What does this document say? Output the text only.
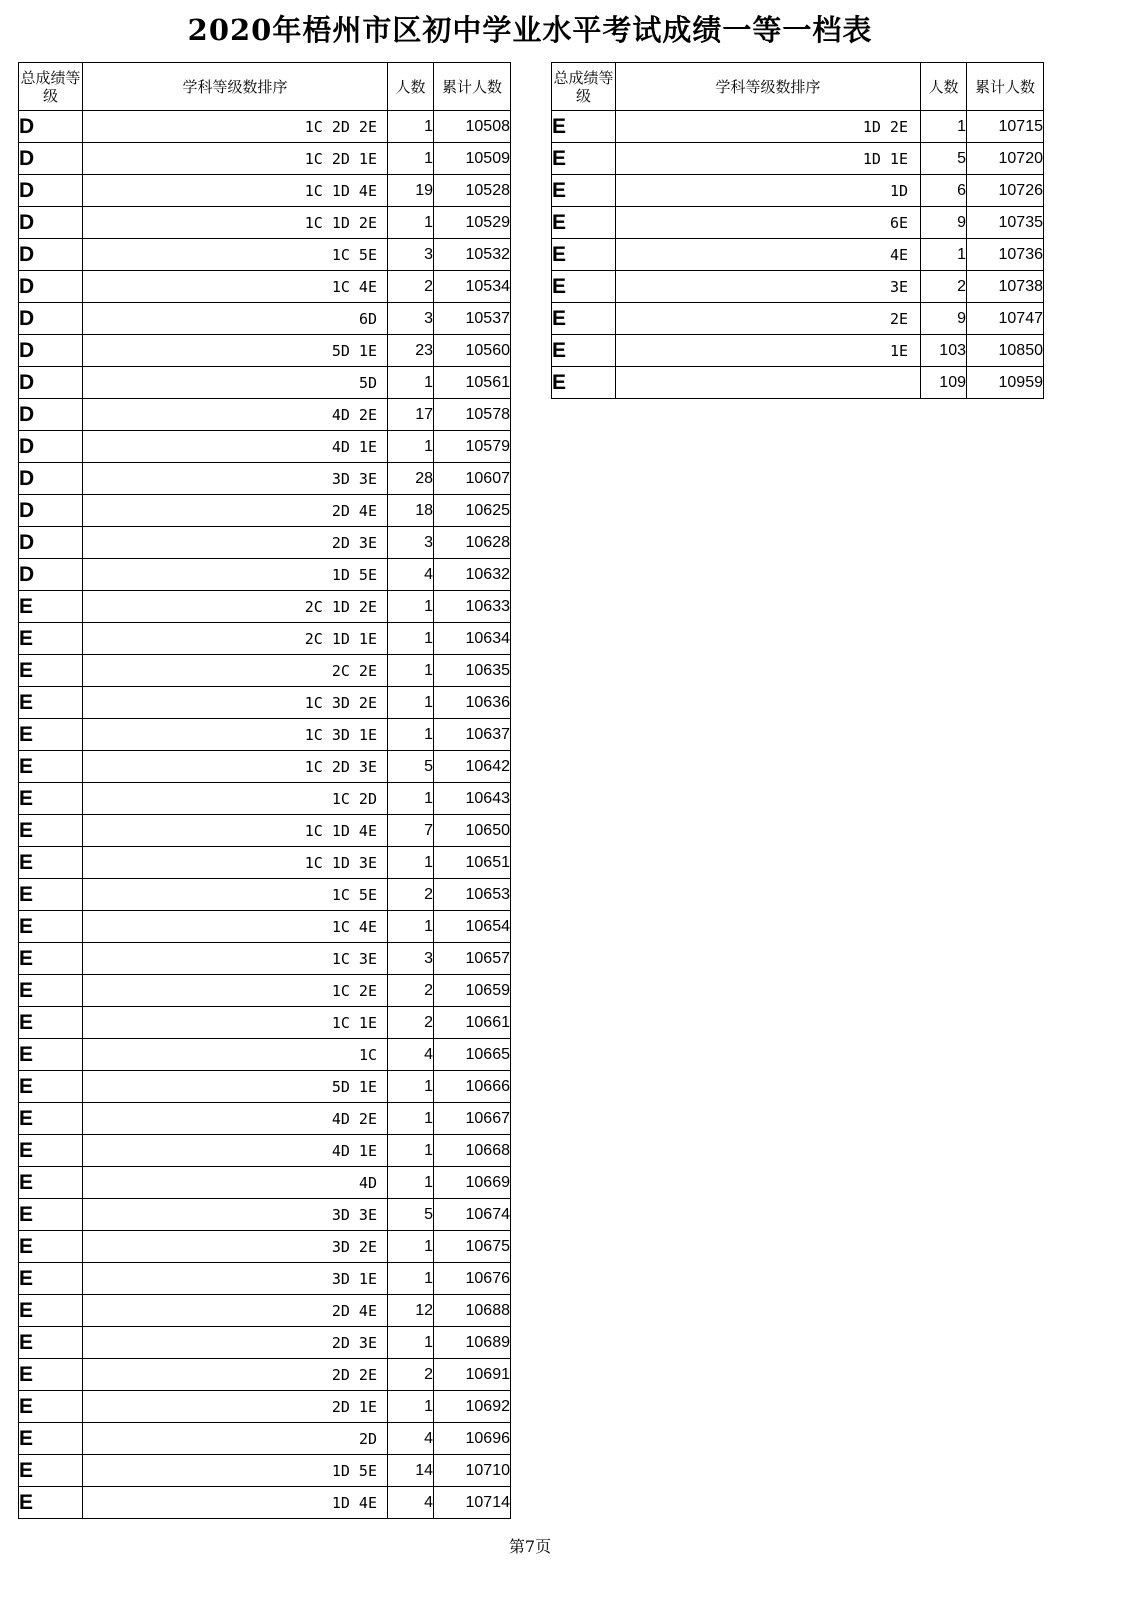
2020年梧州市区初中学业水平考试成绩一等一档表
总成绩等级	学科等级数排序	人数	累计人数
D	1C 2D 2E	1	10508
D	1C 2D 1E	1	10509
D	1C 1D 4E	19	10528
D	1C 1D 2E	1	10529
D	1C 5E	3	10532
D	1C 4E	2	10534
D	6D	3	10537
D	5D 1E	23	10560
D	5D	1	10561
D	4D 2E	17	10578
D	4D 1E	1	10579
D	3D 3E	28	10607
D	2D 4E	18	10625
D	2D 3E	3	10628
D	1D 5E	4	10632
E	2C 1D 2E	1	10633
E	2C 1D 1E	1	10634
E	2C 2E	1	10635
E	1C 3D 2E	1	10636
E	1C 3D 1E	1	10637
E	1C 2D 3E	5	10642
E	1C 2D	1	10643
E	1C 1D 4E	7	10650
E	1C 1D 3E	1	10651
E	1C 5E	2	10653
E	1C 4E	1	10654
E	1C 3E	3	10657
E	1C 2E	2	10659
E	1C 1E	2	10661
E	1C	4	10665
E	5D 1E	1	10666
E	4D 2E	1	10667
E	4D 1E	1	10668
E	4D	1	10669
E	3D 3E	5	10674
E	3D 2E	1	10675
E	3D 1E	1	10676
E	2D 4E	12	10688
E	2D 3E	1	10689
E	2D 2E	2	10691
E	2D 1E	1	10692
E	2D	4	10696
E	1D 5E	14	10710
E	1D 4E	4	10714
总成绩等级	学科等级数排序	人数	累计人数
E	1D 2E	1	10715
E	1D 1E	5	10720
E	1D	6	10726
E	6E	9	10735
E	4E	1	10736
E	3E	2	10738
E	2E	9	10747
E	1E	103	10850
E		109	10959
第7页
